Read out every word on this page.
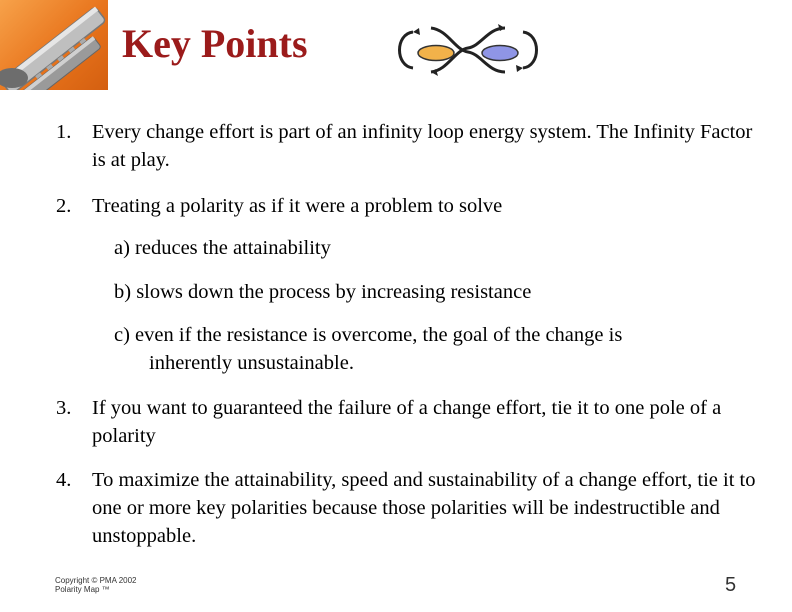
Key Points
1. Every change effort is part of an infinity loop energy system. The Infinity Factor is at play.
2. Treating a polarity as if it were a problem to solve
a) reduces the attainability
b) slows down the process by increasing resistance
c) even if the resistance is overcome, the goal of the change is
inherently unsustainable.
3. If you want to guaranteed the failure of a change effort, tie it to one pole of a polarity
4. To maximize the attainability, speed and sustainability of a change effort, tie it to one or more key polarities because those polarities will be indestructible and unstoppable.
Copyright © PMA 2002
Polarity Map ™	5
